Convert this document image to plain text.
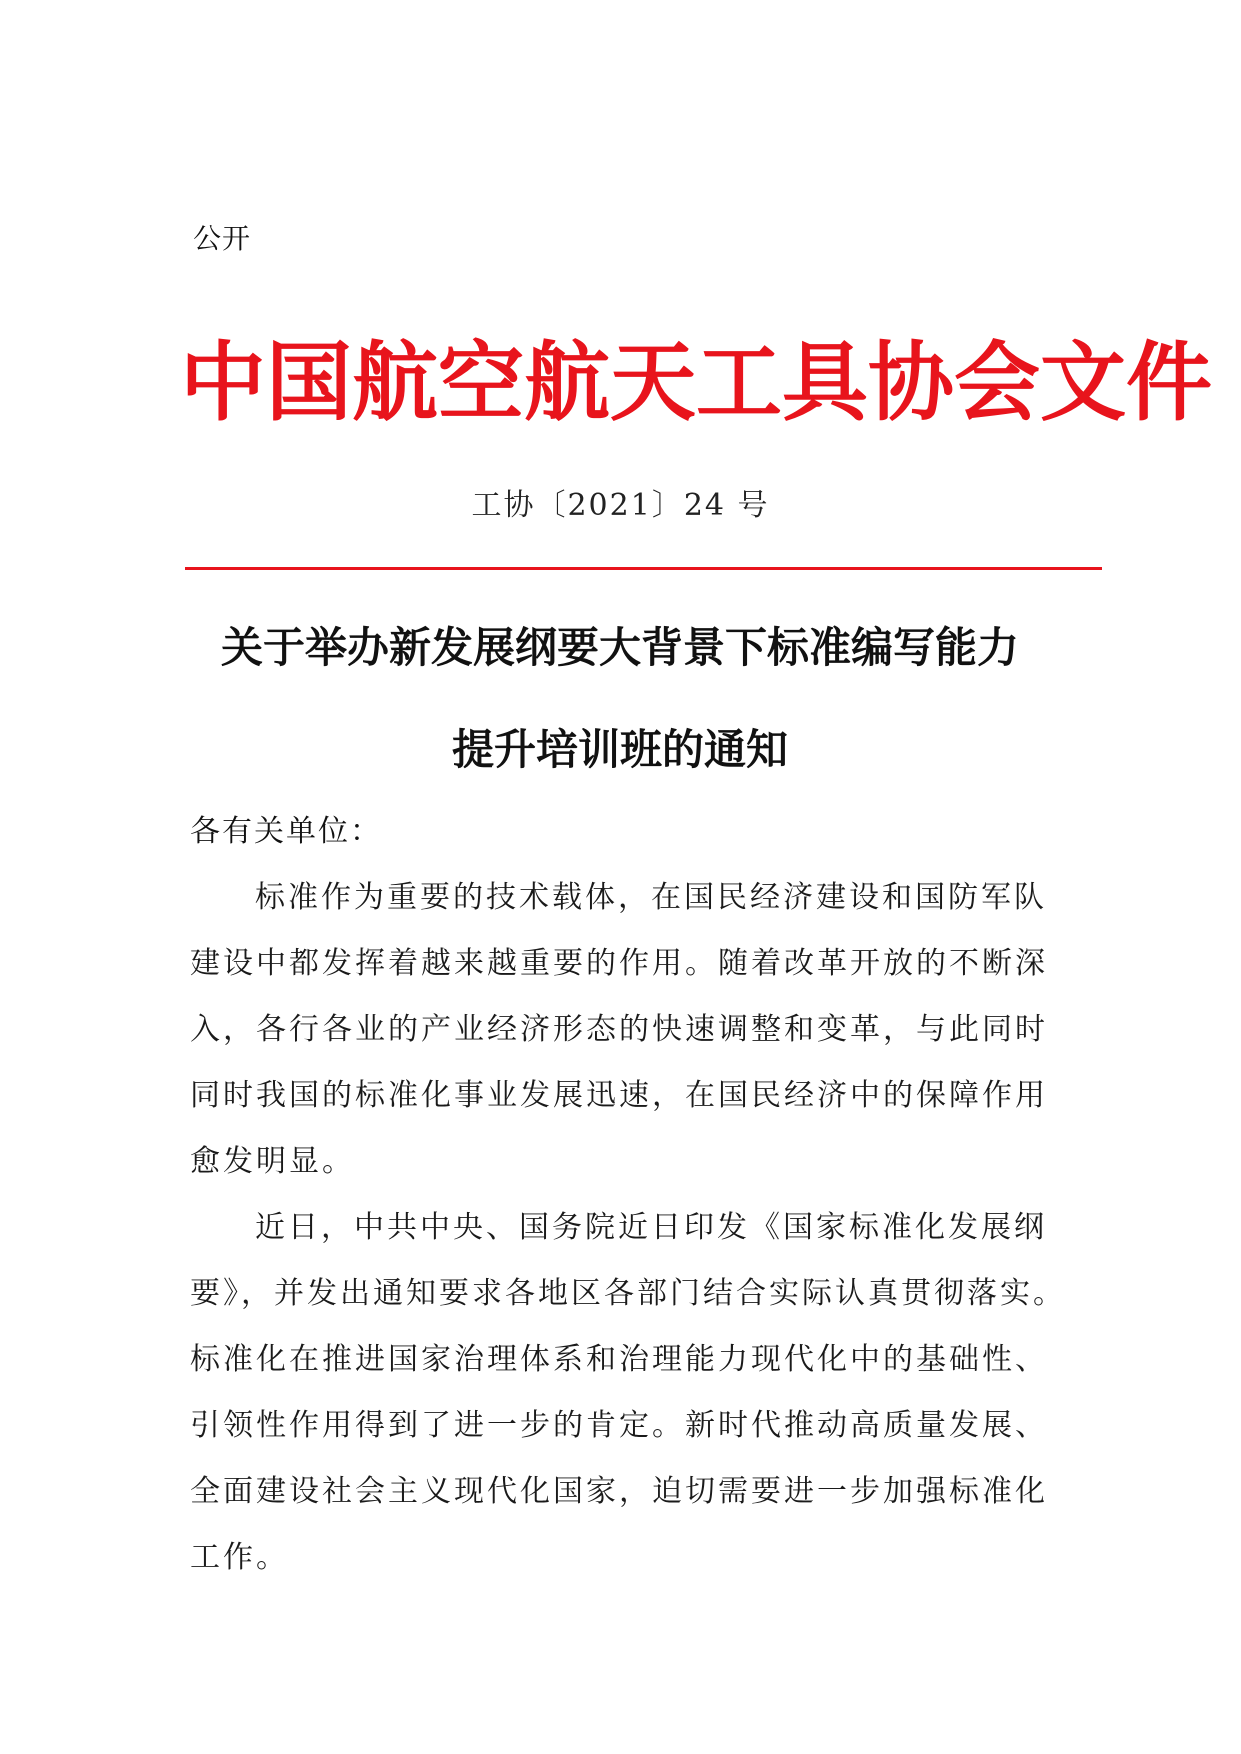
公开
中国航空航天工具协会文件
工协〔2021〕24 号
关于举办新发展纲要大背景下标准编写能力
提升培训班的通知
各有关单位：
标准作为重要的技术载体，在国民经济建设和国防军队
建设中都发挥着越来越重要的作用。随着改革开放的不断深
入，各行各业的产业经济形态的快速调整和变革，与此同时
同时我国的标准化事业发展迅速，在国民经济中的保障作用
愈发明显。
近日，中共中央、国务院近日印发《国家标准化发展纲
要》，并发出通知要求各地区各部门结合实际认真贯彻落实。
标准化在推进国家治理体系和治理能力现代化中的基础性、
引领性作用得到了进一步的肯定。新时代推动高质量发展、
全面建设社会主义现代化国家，迫切需要进一步加强标准化
工作。
